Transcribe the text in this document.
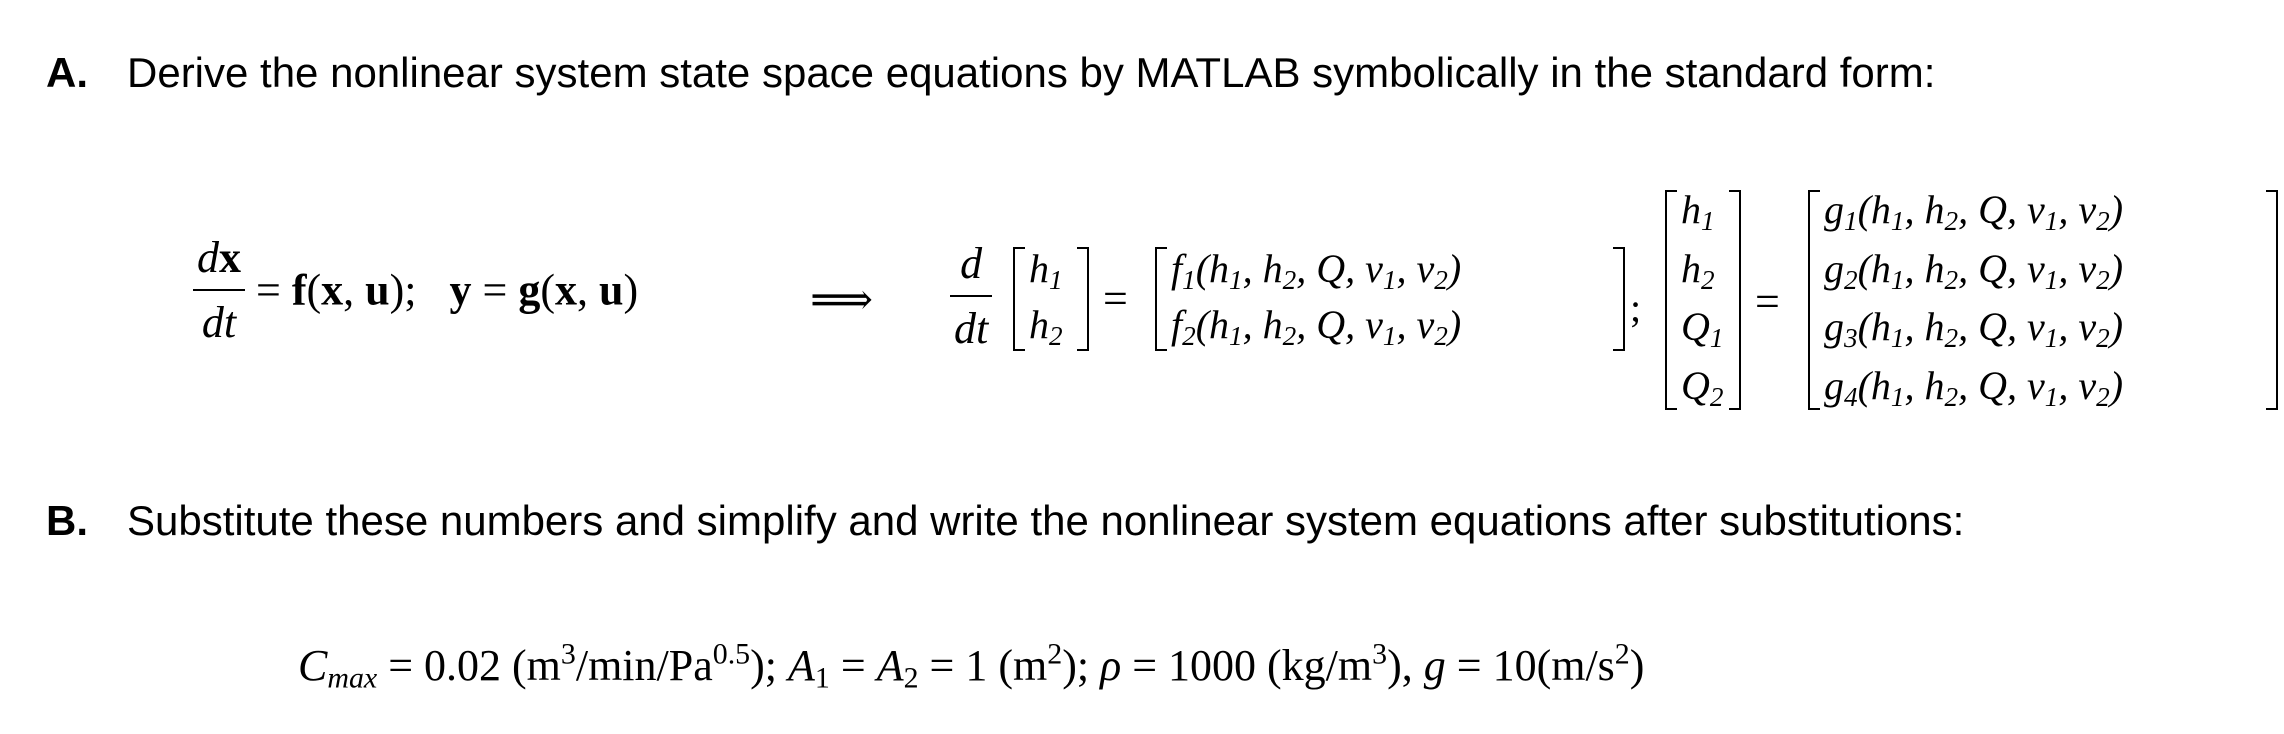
A. Derive the nonlinear system state space equations by MATLAB symbolically in the standard form:
$\frac{dx}{dt} = f(x$, u);   y = g(x, u)	⟹ $\frac{d}{dt} h_1$
$h_2$
=
$f_1(h_1$, $h_2$, Q, $v_1$, $v_2$)
$f_2(h_1$, $h_2$, Q, $v_1$, $v_2$)	;
$h_1$
$h_2$
$Q_1$
$Q_2$
=
$g_1(h_1$, $h_2$, Q, $v_1$, $v_2$)
$g_2(h_1$, $h_2$, Q, $v_1$, $v_2$)
$g_3(h_1$, $h_2$, Q, $v_1$, $v_2$)
$g_4(h_1$, $h_2$, Q, $v_1$, $v_2$)
B. Substitute these numbers and simplify and write the nonlinear system equations after substitutions:
$C_{max} = 0.02$ $(m^3/\min/Pa^{0.5})$; $A_1 = A_2 = 1$ $(m^2)$; ρ = 1000 $(kg/m^3)$, $g = 10(m/s^2)$
